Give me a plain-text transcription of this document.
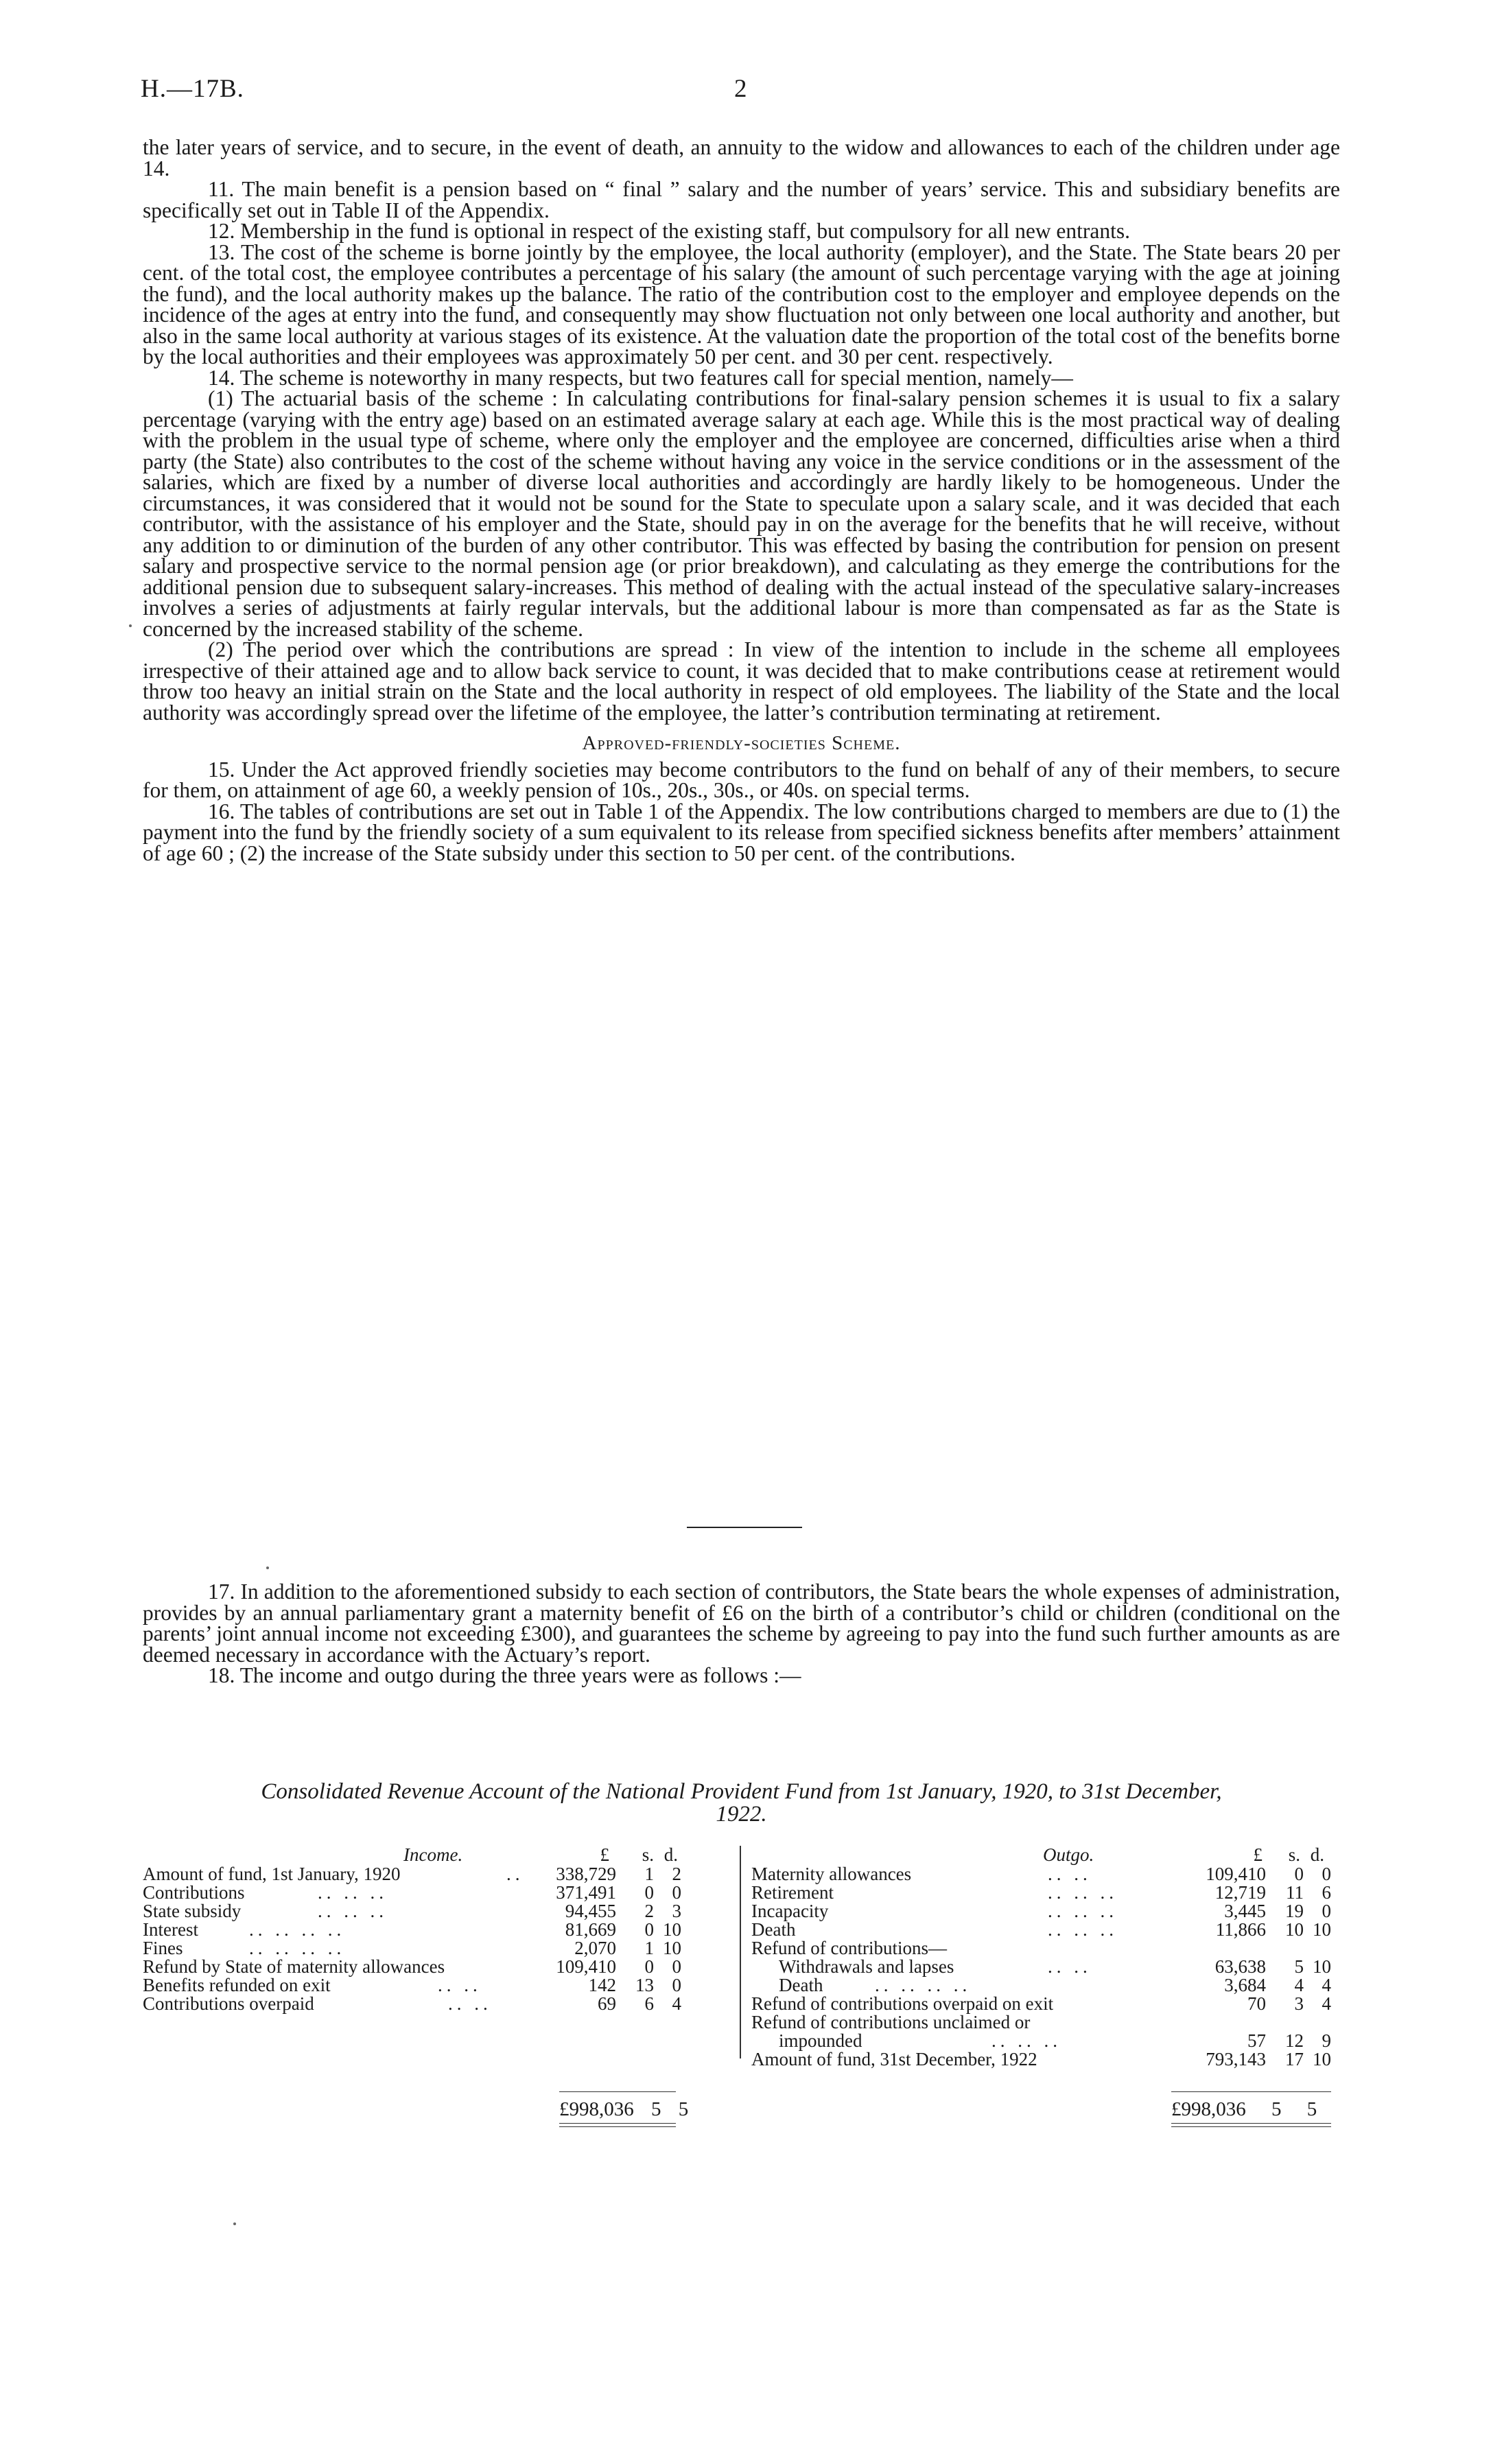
H.—17B.	2

the later years of service, and to secure, in the event of death, an annuity to the widow and allowances to each of the children under age 14.

11. The main benefit is a pension based on “ final ” salary and the number of years’ service. This and subsidiary benefits are specifically set out in Table II of the Appendix.

12. Membership in the fund is optional in respect of the existing staff, but compulsory for all new entrants.

13. The cost of the scheme is borne jointly by the employee, the local authority (employer), and the State. The State bears 20 per cent. of the total cost, the employee contributes a percentage of his salary (the amount of such percentage varying with the age at joining the fund), and the local authority makes up the balance. The ratio of the contribution cost to the employer and employee depends on the incidence of the ages at entry into the fund, and consequently may show fluctuation not only between one local authority and another, but also in the same local authority at various stages of its existence. At the valuation date the proportion of the total cost of the benefits borne by the local authorities and their employees was approximately 50 per cent. and 30 per cent. respectively.

14. The scheme is noteworthy in many respects, but two features call for special mention, namely—

(1) The actuarial basis of the scheme : In calculating contributions for final-salary pension schemes it is usual to fix a salary percentage (varying with the entry age) based on an estimated average salary at each age. While this is the most practical way of dealing with the problem in the usual type of scheme, where only the employer and the employee are concerned, difficulties arise when a third party (the State) also contributes to the cost of the scheme without having any voice in the service conditions or in the assessment of the salaries, which are fixed by a number of diverse local authorities and accordingly are hardly likely to be homogeneous. Under the circumstances, it was considered that it would not be sound for the State to speculate upon a salary scale, and it was decided that each contributor, with the assistance of his employer and the State, should pay in on the average for the benefits that he will receive, without any addition to or diminution of the burden of any other contributor. This was effected by basing the contribution for pension on present salary and prospective service to the normal pension age (or prior breakdown), and calculating as they emerge the contributions for the additional pension due to subsequent salary-increases. This method of dealing with the actual instead of the speculative salary-increases involves a series of adjustments at fairly regular intervals, but the additional labour is more than compensated as far as the State is concerned by the increased stability of the scheme.

(2) The period over which the contributions are spread : In view of the intention to include in the scheme all employees irrespective of their attained age and to allow back service to count, it was decided that to make contributions cease at retirement would throw too heavy an initial strain on the State and the local authority in respect of old employees. The liability of the State and the local authority was accordingly spread over the lifetime of the employee, the latter’s contribution terminating at retirement.

Approved-friendly-societies Scheme.

15. Under the Act approved friendly societies may become contributors to the fund on behalf of any of their members, to secure for them, on attainment of age 60, a weekly pension of 10s., 20s., 30s., or 40s. on special terms.

16. The tables of contributions are set out in Table 1 of the Appendix. The low contributions charged to members are due to (1) the payment into the fund by the friendly society of a sum equivalent to its release from specified sickness benefits after members’ attainment of age 60 ; (2) the increase of the State subsidy under this section to 50 per cent. of the contributions.

17. In addition to the aforementioned subsidy to each section of contributors, the State bears the whole expenses of administration, provides by an annual parliamentary grant a maternity benefit of £6 on the birth of a contributor’s child or children (conditional on the parents’ joint annual income not exceeding £300), and guarantees the scheme by agreeing to pay into the fund such further amounts as are deemed necessary in accordance with the Actuary’s report.

18. The income and outgo during the three years were as follows :—

Consolidated Revenue Account of the National Provident Fund from 1st January, 1920, to 31st December,
1922.
Income.	£	s. d.
Amount of fund, 1st January, 1920	..	338,729	1 2
Contributions	.. .. ..	371,491	0 0
State subsidy	.. .. ..	94,455	2 3
Interest	.. .. .. ..	81,669	0 10
Fines	.. .. .. ..	2,070	1 10
Refund by State of maternity allowances	109,410	0 0
Benefits refunded on exit	.. ..	142	13 0
Contributions overpaid	.. ..	69	6 4
Outgo.	£	s. d.
Maternity allowances	.. ..	109,410	0 0
Retirement	.. .. ..	12,719	11 6
Incapacity	.. .. ..	3,445	19 0
Death	.. .. ..	11,866	10 10
Refund of contributions—
Withdrawals and lapses	.. ..	63,638	5 10
Death	.. .. .. ..	3,684	4 4
Refund of contributions overpaid on exit	70	3 4
Refund of contributions unclaimed or
impounded	.. .. ..	57	12 9
Amount of fund, 31st December, 1922	793,143	17 10
£998,036 5 5	£998,036 5 5
